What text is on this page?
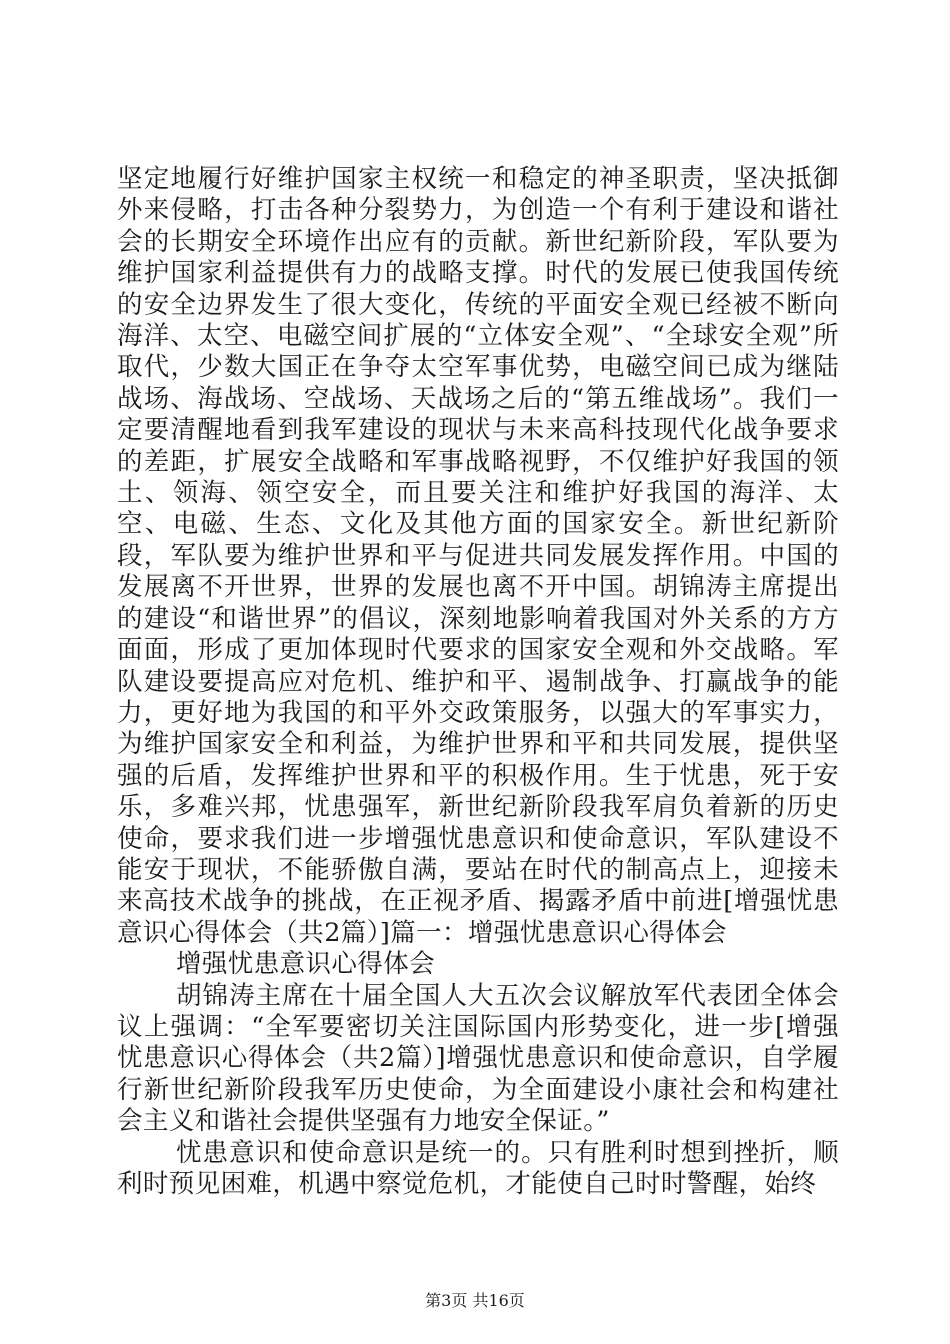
坚定地履行好维护国家主权统一和稳定的神圣职责，坚决抵御外来侵略，打击各种分裂势力，为创造一个有利于建设和谐社会的长期安全环境作出应有的贡献。新世纪新阶段，军队要为维护国家利益提供有力的战略支撑。时代的发展已使我国传统的安全边界发生了很大变化，传统的平面安全观已经被不断向海洋、太空、电磁空间扩展的“立体安全观”、“全球安全观”所取代，少数大国正在争夺太空军事优势，电磁空间已成为继陆战场、海战场、空战场、天战场之后的“第五维战场”。我们一定要清醒地看到我军建设的现状与未来高科技现代化战争要求的差距，扩展安全战略和军事战略视野，不仅维护好我国的领土、领海、领空安全，而且要关注和维护好我国的海洋、太空、电磁、生态、文化及其他方面的国家安全。新世纪新阶段，军队要为维护世界和平与促进共同发展发挥作用。中国的发展离不开世界，世界的发展也离不开中国。胡锦涛主席提出的建设“和谐世界”的倡议，深刻地影响着我国对外关系的方方面面，形成了更加体现时代要求的国家安全观和外交战略。军队建设要提高应对危机、维护和平、遏制战争、打赢战争的能力，更好地为我国的和平外交政策服务，以强大的军事实力，为维护国家安全和利益，为维护世界和平和共同发展，提供坚强的后盾，发挥维护世界和平的积极作用。生于忧患，死于安乐，多难兴邦，忧患强军，新世纪新阶段我军肩负着新的历史使命，要求我们进一步增强忧患意识和使命意识，军队建设不能安于现状，不能骄傲自满，要站在时代的制高点上，迎接未来高技术战争的挑战，在正视矛盾、揭露矛盾中前进[增强忧患意识心得体会（共2篇）]篇一：增强忧患意识心得体会

增强忧患意识心得体会

胡锦涛主席在十届全国人大五次会议解放军代表团全体会议上强调：“全军要密切关注国际国内形势变化，进一步[增强忧患意识心得体会（共2篇）]增强忧患意识和使命意识，自学履行新世纪新阶段我军历史使命，为全面建设小康社会和构建社会主义和谐社会提供坚强有力地安全保证。”

忧患意识和使命意识是统一的。只有胜利时想到挫折，顺利时预见困难，机遇中察觉危机，才能使自己时时警醒，始终

第3页 共16页
